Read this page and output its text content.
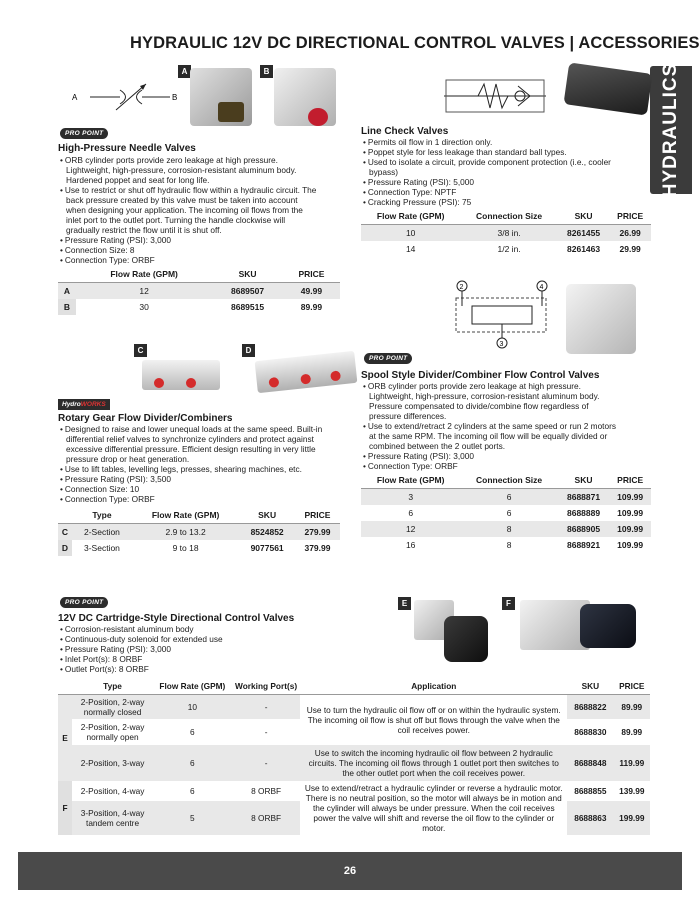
HYDRAULIC 12V DC DIRECTIONAL CONTROL VALVES | ACCESSORIES
HYDRAULICS
A	B
A	B
PRO POINT
High-Pressure Needle Valves
• ORB cylinder ports provide zero leakage at high pressure. Lightweight, high-pressure, corrosion-resistant aluminum body. Hardened poppet and seat for long life.
• Use to restrict or shut off hydraulic flow within a hydraulic circuit. The back pressure created by this valve must be taken into account when designing your application. The incoming oil flows from the inlet port to the outlet port. Turning the handle clockwise will gradually restrict the flow until it is shut off.
• Pressure Rating (PSI): 3,000
• Connection Size: 8
• Connection Type: ORBF
	Flow Rate (GPM)	SKU	PRICE
A	12	8689507	49.99
B	30	8689515	89.99
Line Check Valves
• Permits oil flow in 1 direction only.
• Poppet style for less leakage than standard ball types.
• Used to isolate a circuit, provide component protection (i.e., cooler bypass)
• Pressure Rating (PSI): 5,000
• Connection Type: NPTF
• Cracking Pressure (PSI): 75
Flow Rate (GPM)	Connection Size	SKU	PRICE
10	3/8 in.	8261455	26.99
14	1/2 in.	8261463	29.99
C	D
HydroWORKS
Rotary Gear Flow Divider/Combiners
• Designed to raise and lower unequal loads at the same speed. Built-in differential relief valves to synchronize cylinders and protect against excessive differential pressure. Efficient design resulting in very little pressure drop or heat generation.
• Use to lift tables, levelling legs, presses, shearing machines, etc.
• Pressure Rating (PSI): 3,500
• Connection Size: 10
• Connection Type: ORBF
	Type	Flow Rate (GPM)	SKU	PRICE
C	2-Section	2.9 to 13.2	8524852	279.99
D	3-Section	9 to 18	9077561	379.99
2	4
3
PRO POINT
Spool Style Divider/Combiner Flow Control Valves
• ORB cylinder ports provide zero leakage at high pressure. Lightweight, high-pressure, corrosion-resistant aluminum body. Pressure compensated to divide/combine flow regardless of pressure differences.
• Use to extend/retract 2 cylinders at the same speed or run 2 motors at the same RPM. The incoming oil flow will be equally divided or combined between the 2 outlet ports.
• Pressure Rating (PSI): 3,000
• Connection Type: ORBF
Flow Rate (GPM)	Connection Size	SKU	PRICE
3	6	8688871	109.99
6	6	8688889	109.99
12	8	8688905	109.99
16	8	8688921	109.99
E	F
PRO POINT
12V DC Cartridge-Style Directional Control Valves
• Corrosion-resistant aluminum body
• Continuous-duty solenoid for extended use
• Pressure Rating (PSI): 3,000
• Inlet Port(s): 8 ORBF
• Outlet Port(s): 8 ORBF
	Type	Flow Rate (GPM)	Working Port(s)	Application	SKU	PRICE
E	2-Position, 2-way normally closed	10	-	Use to turn the hydraulic oil flow off or on within the hydraulic system. The incoming oil flow is shut off but flows through the valve when the coil receives power.	8688822	89.99
	2-Position, 2-way normally open	6	-		8688830	89.99
	2-Position, 3-way	6	-	Use to switch the incoming hydraulic oil flow between 2 hydraulic circuits. The incoming oil flows through 1 outlet port then switches to the other outlet port when the coil receives power.	8688848	119.99
F	2-Position, 4-way	6	8 ORBF	Use to extend/retract a hydraulic cylinder or reverse a hydraulic motor. There is no neutral position, so the motor will always be in motion and the cylinder will always be under pressure. When the coil receives power the valve will shift and reverse the oil flow to the cylinder or motor.	8688855	139.99
	3-Position, 4-way tandem centre	5	8 ORBF		8688863	199.99
26
